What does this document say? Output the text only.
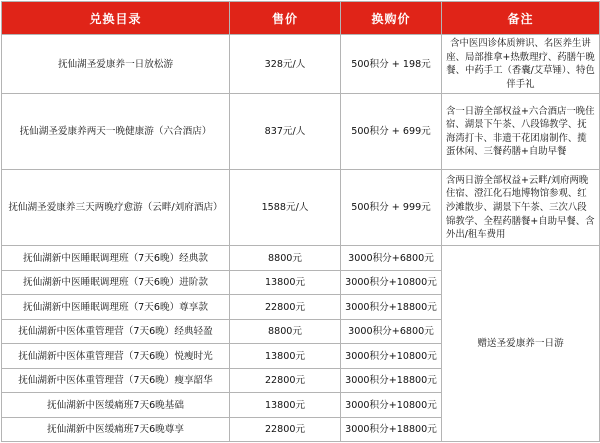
兑换目录	售价	换购价	备注
抚仙湖圣爱康养一日放松游	328元/人	500积分 + 198元	含中医四诊体质辨识、名医养生讲座、局部推拿+热敷理疗、药膳午晚餐、中药手工（香囊/艾草锤）、特色伴手礼
抚仙湖圣爱康养两天一晚健康游（六合酒店）	837元/人	500积分 + 699元	含一日游全部权益+六合酒店一晚住宿、湖景下午茶、八段锦教学、抚海湾打卡、非遗干花团扇制作、揽蛋休闲、三餐药膳+自助早餐
抚仙湖圣爱康养三天两晚疗愈游（云畔/刘府酒店）	1588元/人	500积分 + 999元	含两日游全部权益+云畔/刘府两晚住宿、澄江化石地博物馆参观、红沙滩散步、湖景下午茶、三次八段锦教学、全程药膳餐+自助早餐、含外出/租车费用
抚仙湖新中医睡眠调理班（7天6晚）经典款	8800元	3000积分+6800元	赠送圣爱康养一日游
抚仙湖新中医睡眠调理班（7天6晚）进阶款	13800元	3000积分+10800元	
抚仙湖新中医睡眠调理班（7天6晚）尊享款	22800元	3000积分+18800元	
抚仙湖新中医体重管理营（7天6晚）经典轻盈	8800元	3000积分+6800元	
抚仙湖新中医体重管理营（7天6晚）悦瘦时光	13800元	3000积分+10800元	
抚仙湖新中医体重管理营（7天6晚）瘦享韶华	22800元	3000积分+18800元	
抚仙湖新中医缓痛班7天6晚基础	13800元	3000积分+10800元	
抚仙湖新中医缓痛班7天6晚尊享	22800元	3000积分+18800元	
